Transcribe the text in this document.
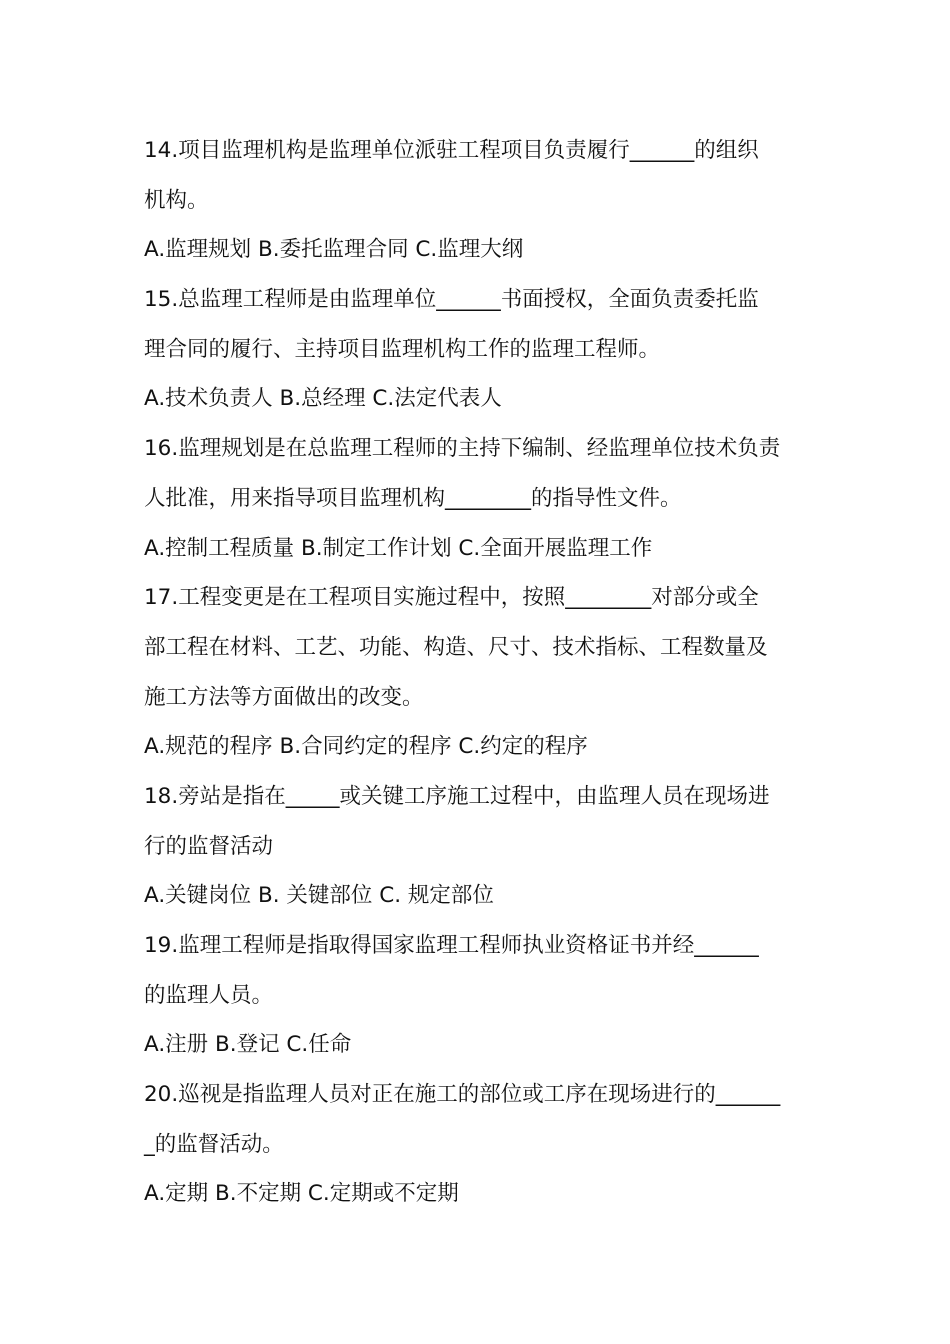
14.项目监理机构是监理单位派驻工程项目负责履行______的组织
机构。
A.监理规划 B.委托监理合同 C.监理大纲
15.总监理工程师是由监理单位______书面授权，全面负责委托监
理合同的履行、主持项目监理机构工作的监理工程师。
A.技术负责人 B.总经理 C.法定代表人
16.监理规划是在总监理工程师的主持下编制、经监理单位技术负责
人批准，用来指导项目监理机构________的指导性文件。
A.控制工程质量 B.制定工作计划 C.全面开展监理工作
17.工程变更是在工程项目实施过程中，按照________对部分或全
部工程在材料、工艺、功能、构造、尺寸、技术指标、工程数量及
施工方法等方面做出的改变。
A.规范的程序 B.合同约定的程序 C.约定的程序
18.旁站是指在_____或关键工序施工过程中，由监理人员在现场进
行的监督活动
A.关键岗位 B. 关键部位 C. 规定部位
19.监理工程师是指取得国家监理工程师执业资格证书并经______
的监理人员。
A.注册 B.登记 C.任命
20.巡视是指监理人员对正在施工的部位或工序在现场进行的______
_的监督活动。
A.定期 B.不定期 C.定期或不定期
